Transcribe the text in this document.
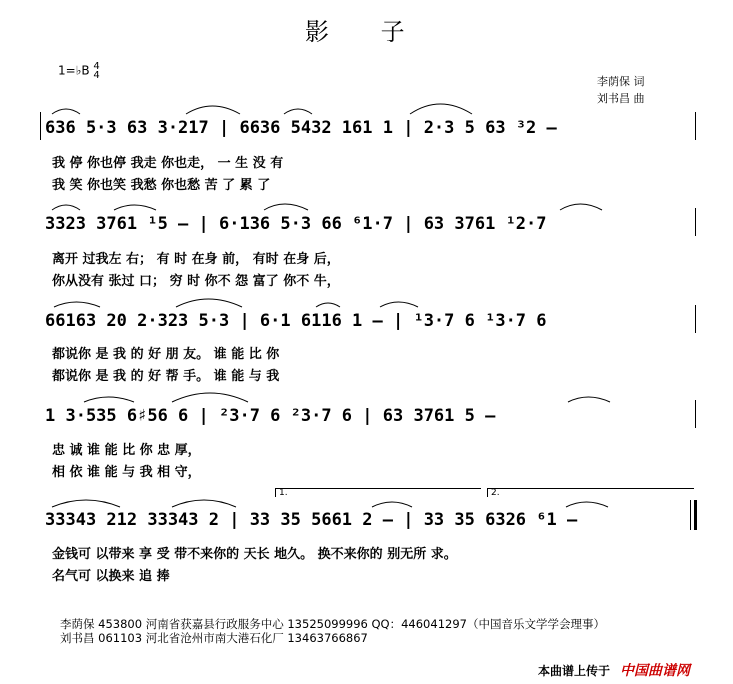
影 子
1=♭B 4
4	李荫保 词
刘书昌 曲
636 5·3 63 3·217 | 6636 5432 161 1 | 2·3 5 63 ³2 –
我 停 你也停 我走 你也走， 一 生 没 有
我 笑 你也笑 我愁 你也愁 苦 了 累 了
3323 3761 ¹5 – | 6·136 5·3 66 ⁶1·7 | 63 3761 ¹2·7
离开 过我左 右； 有 时 在身 前， 有时 在身 后，
你从没有 张过 口； 穷 时 你不 怨 富了 你不 牛，
66163 20 2·323 5·3 | 6·1 6116 1 – | ¹3·7 6 ¹3·7 6
都说你 是 我 的 好 朋 友。 谁 能 比 你
都说你 是 我 的 好 帮 手。 谁 能 与 我
1 3·535 6♯56 6 | ²3·7 6 ²3·7 6 | 63 3761 5 –
忠 诚 谁 能 比 你 忠 厚，
相 依 谁 能 与 我 相 守，
1.	2.
33343 212 33343 2 | 33 35 5661 2 – | 33 35 6326 ⁶1 –
金钱可 以带来 享 受 带不来你的 天长 地久。 换不来你的 别无所 求。
名气可 以换来 追 捧
李荫保 453800 河南省获嘉县行政服务中心 13525099996 QQ：446041297（中国音乐文学学会理事）
刘书昌 061103 河北省沧州市南大港石化厂 13463766867
本曲谱上传于 中国曲谱网
